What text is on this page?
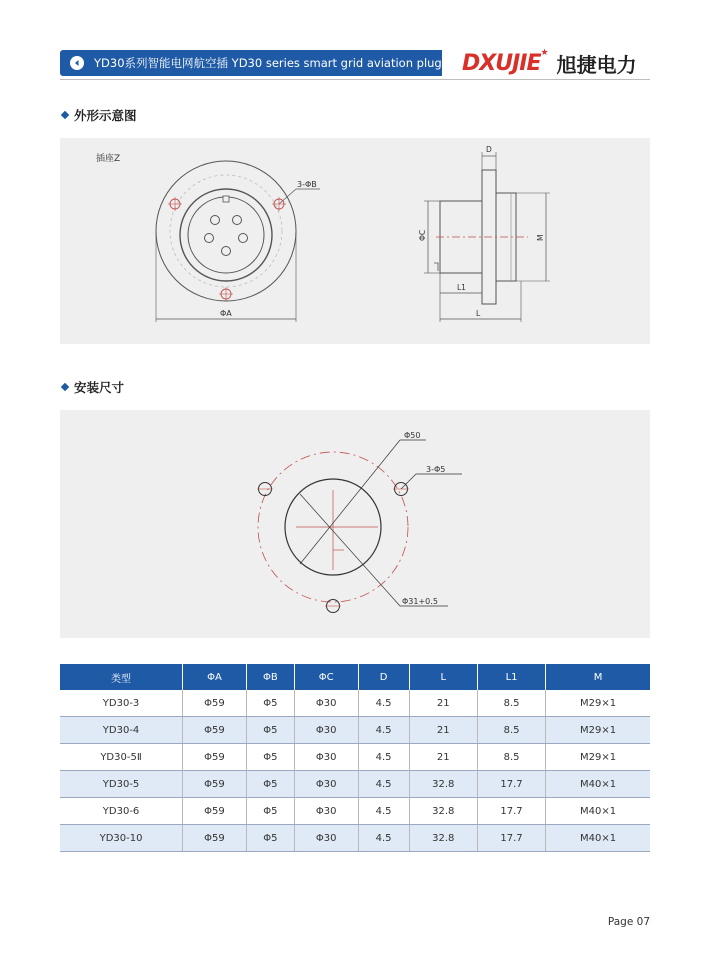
YD30系列智能电网航空插 YD30 series smart grid aviation plug DXUJIE ★ 旭捷电力
外形示意图
插座Z
3-ΦB
ΦA
D
ΦC	M
L1
L
安装尺寸
Φ50
3-Φ5
Φ31+0.5
类型	ΦA	ΦB	ΦC	D	L	L1	M
YD30-3	Φ59	Φ5	Φ30	4.5	21	8.5	M29×1
YD30-4	Φ59	Φ5	Φ30	4.5	21	8.5	M29×1
YD30-5Ⅱ	Φ59	Φ5	Φ30	4.5	21	8.5	M29×1
YD30-5	Φ59	Φ5	Φ30	4.5	32.8	17.7	M40×1
YD30-6	Φ59	Φ5	Φ30	4.5	32.8	17.7	M40×1
YD30-10	Φ59	Φ5	Φ30	4.5	32.8	17.7	M40×1
Page 07
